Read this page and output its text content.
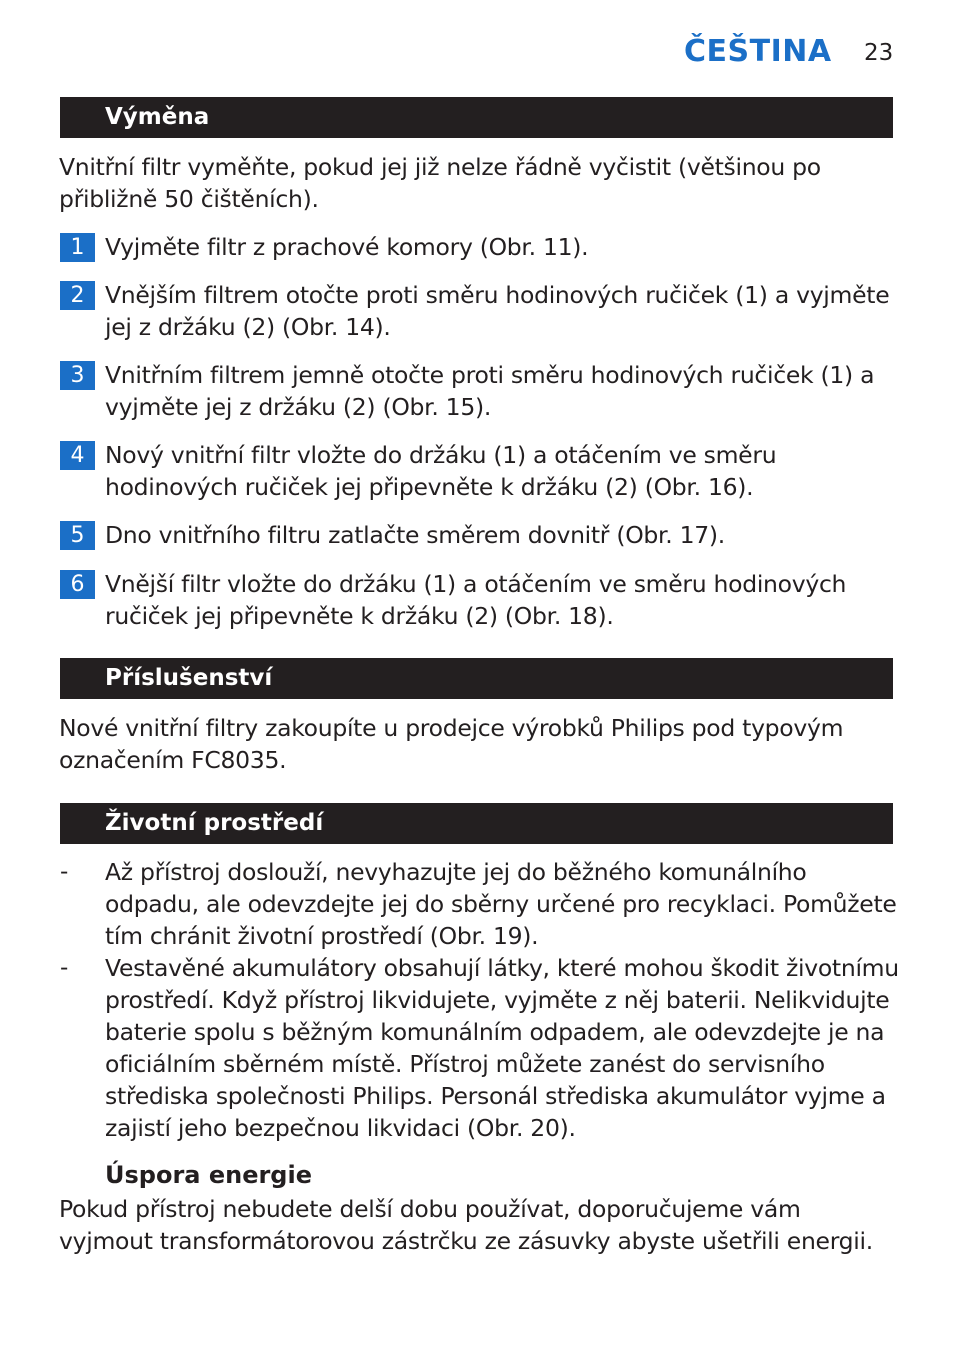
ČEŠTINA 23
Výměna
Vnitřní filtr vyměňte, pokud jej již nelze řádně vyčistit (většinou po přibližně 50 čištěních).
1 Vyjměte filtr z prachové komory (Obr. 11).
2 Vnějším filtrem otočte proti směru hodinových ručiček (1) a vyjměte jej z držáku (2) (Obr. 14).
3 Vnitřním filtrem jemně otočte proti směru hodinových ručiček (1) a vyjměte jej z držáku (2) (Obr. 15).
4 Nový vnitřní filtr vložte do držáku (1) a otáčením ve směru hodinových ručiček jej připevněte k držáku (2) (Obr. 16).
5 Dno vnitřního filtru zatlačte směrem dovnitř (Obr. 17).
6 Vnější filtr vložte do držáku (1) a otáčením ve směru hodinových ručiček jej připevněte k držáku (2) (Obr. 18).
Příslušenství
Nové vnitřní filtry zakoupíte u prodejce výrobků Philips pod typovým označením FC8035.
Životní prostředí
- Až přístroj doslouží, nevyhazujte jej do běžného komunálního odpadu, ale odevzdejte jej do sběrny určené pro recyklaci. Pomůžete tím chránit životní prostředí (Obr. 19).
- Vestavěné akumulátory obsahují látky, které mohou škodit životnímu prostředí. Když přístroj likvidujete, vyjměte z něj baterii. Nelikvidujte baterie spolu s běžným komunálním odpadem, ale odevzdejte je na oficiálním sběrném místě. Přístroj můžete zanést do servisního střediska společnosti Philips. Personál střediska akumulátor vyjme a zajistí jeho bezpečnou likvidaci (Obr. 20).
Úspora energie
Pokud přístroj nebudete delší dobu používat, doporučujeme vám vyjmout transformátorovou zástrčku ze zásuvky abyste ušetřili energii.
